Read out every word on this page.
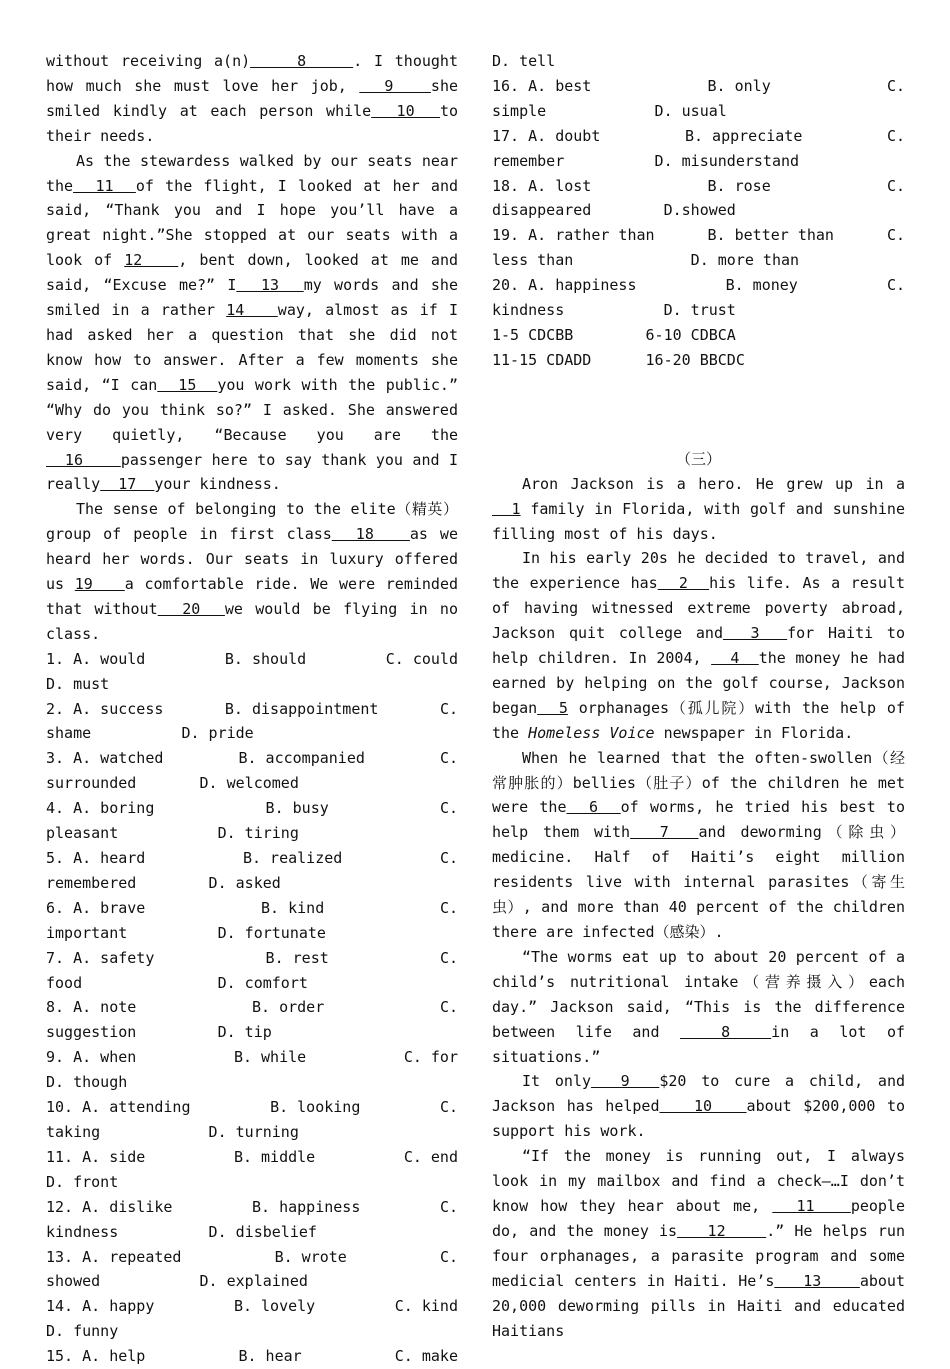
without receiving a(n)    8    . I thought how much she must love her job,   9   she smiled kindly at each person while  10  to their needs.

As the stewardess walked by our seats near the  11  of the flight, I looked at her and said, “Thank you and I hope you’ll have a great night.”She stopped at our seats with a look of 12   , bent down, looked at me and said, “Excuse me?” I  13  my words and she smiled in a rather 14   way, almost as if I had asked her a question that she did not know how to answer. After a few moments she said, “I can  15  you work with the public.” “Why do you think so?” I asked. She answered very quietly, “Because you are the   16    passenger here to say thank you and I really  17  your kindness.

The sense of belonging to the elite（精英）group of people in first class  18   as we heard her words. Our seats in luxury offered us 19   a comfortable ride. We were reminded that without  20  we would be flying in no class.

1. A. would	B. should	C. could
D. must
2. A. success	B. disappointment	C.
shame          D. pride
3. A. watched	B. accompanied	C.
surrounded       D. welcomed
4. A. boring	B. busy	C.
pleasant           D. tiring
5. A. heard	B. realized	C.
remembered        D. asked
6. A. brave	B. kind	C.
important          D. fortunate
7. A. safety	B. rest	C.
food               D. comfort
8. A. note	B. order	C.
suggestion         D. tip
9. A. when	B. while	C. for
D. though
10. A. attending	B. looking	C.
taking            D. turning
11. A. side	B. middle	C. end
D. front
12. A. dislike	B. happiness	C.
kindness          D. disbelief
13. A. repeated	B. wrote	C.
showed           D. explained
14. A. happy	B. lovely	C. kind
D. funny
15. A. help	B. hear	C. make
D. tell
16. A. best	B. only	C.
simple            D. usual
17. A. doubt	B. appreciate	C.
remember          D. misunderstand
18. A. lost	B. rose	C.
disappeared        D.showed
19. A. rather than	B. better than	C.
less than             D. more than
20. A. happiness	B. money	C.
kindness           D. trust
1-5 CDCBB        6-10 CDBCA
11-15 CDADD      16-20 BBCDC
（三）

Aron Jackson is a hero. He grew up in a   1 family in Florida, with golf and sunshine filling most of his days.

In his early 20s he decided to travel, and the experience has  2  his life. As a result of having witnessed extreme poverty abroad, Jackson quit college and  3  for Haiti to help children. In 2004,   4  the money he had earned by helping on the golf course, Jackson began  5 orphanages（孤儿院）with the help of the Homeless Voice newspaper in Florida.

When he learned that the often-swollen（经常肿胀的）bellies（肚子）of the children he met were the  6  of worms, he tried his best to help them with  7  and deworming（除虫）medicine. Half of Haiti’s eight million residents live with internal parasites（寄生虫）, and more than 40 percent of the children there are infected（感染）.

“The worms eat up to about 20 percent of a child’s nutritional intake（营养摄入）each day.” Jackson said, “This is the difference between life and   8  in a lot of situations.”

It only  9  $20 to cure a child, and Jackson has helped   10   about $200,000 to support his work.

“If the money is running out, I always look in my mailbox and find a check—…I don’t know how they hear about me,   11   people do, and the money is   12    .” He helps run four orphanages, a parasite program and some medicial centers in Haiti. He’s   13    about 20,000 deworming pills in Haiti and educated Haitians
